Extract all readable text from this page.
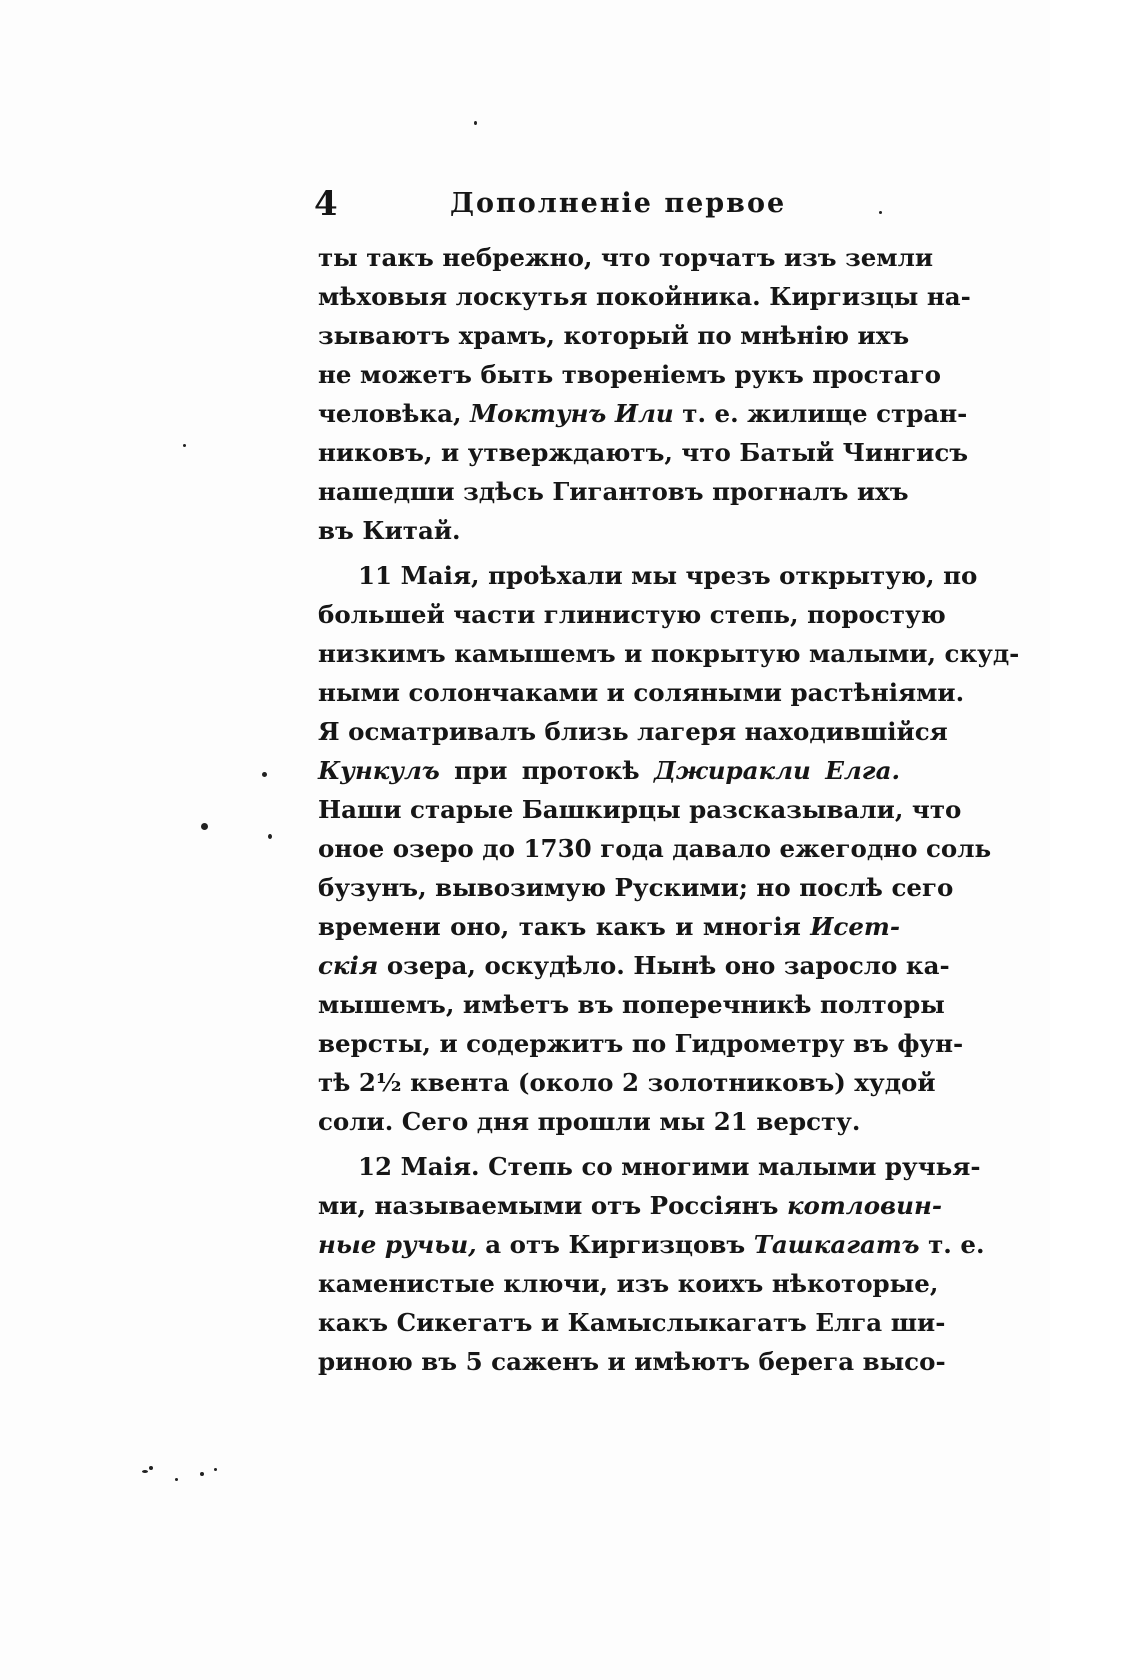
4	Дополненіе первое
ты такъ небрежно, что торчатъ изъ земли
мѣховыя лоскутья покойника. Киргизцы на-
зываютъ храмъ, который по мнѣнію ихъ
не можетъ быть твореніемъ рукъ простаго
человѣка, Моктунъ Или т. е. жилище стран-
никовъ, и утверждаютъ, что Батый Чингисъ
нашедши здѣсь Гигантовъ прогналъ ихъ
въ Китай.
11 Маія, проѣхали мы чрезъ открытую, по
большей части глинистую степь, поростую
низкимъ камышемъ и покрытую малыми, скуд-
ными солончаками и соляными растѣніями.
Я осматривалъ близь лагеря находившійся
Кункулъ при протокѣ Джиракли Елга.
Наши старые Башкирцы разсказывали, что
оное озеро до 1730 года давало ежегодно соль
бузунъ, вывозимую Рускими; но послѣ сего
времени оно, такъ какъ и многія Исет-
скія озера, оскудѣло. Нынѣ оно заросло ка-
мышемъ, имѣетъ въ поперечникѣ полторы
версты, и содержитъ по Гидрометру въ фун-
тѣ 2½ квента (около 2 золотниковъ) худой
соли. Сего дня прошли мы 21 версту.
12 Маія. Степь со многими малыми ручья-
ми, называемыми отъ Россіянъ котловин-
ные ручьи, а отъ Киргизцовъ Ташкагатъ т. е.
каменистые ключи, изъ коихъ нѣкоторые,
какъ Сикегатъ и Камыслыкагатъ Елга ши-
риною въ 5 саженъ и имѣютъ берега высо-
